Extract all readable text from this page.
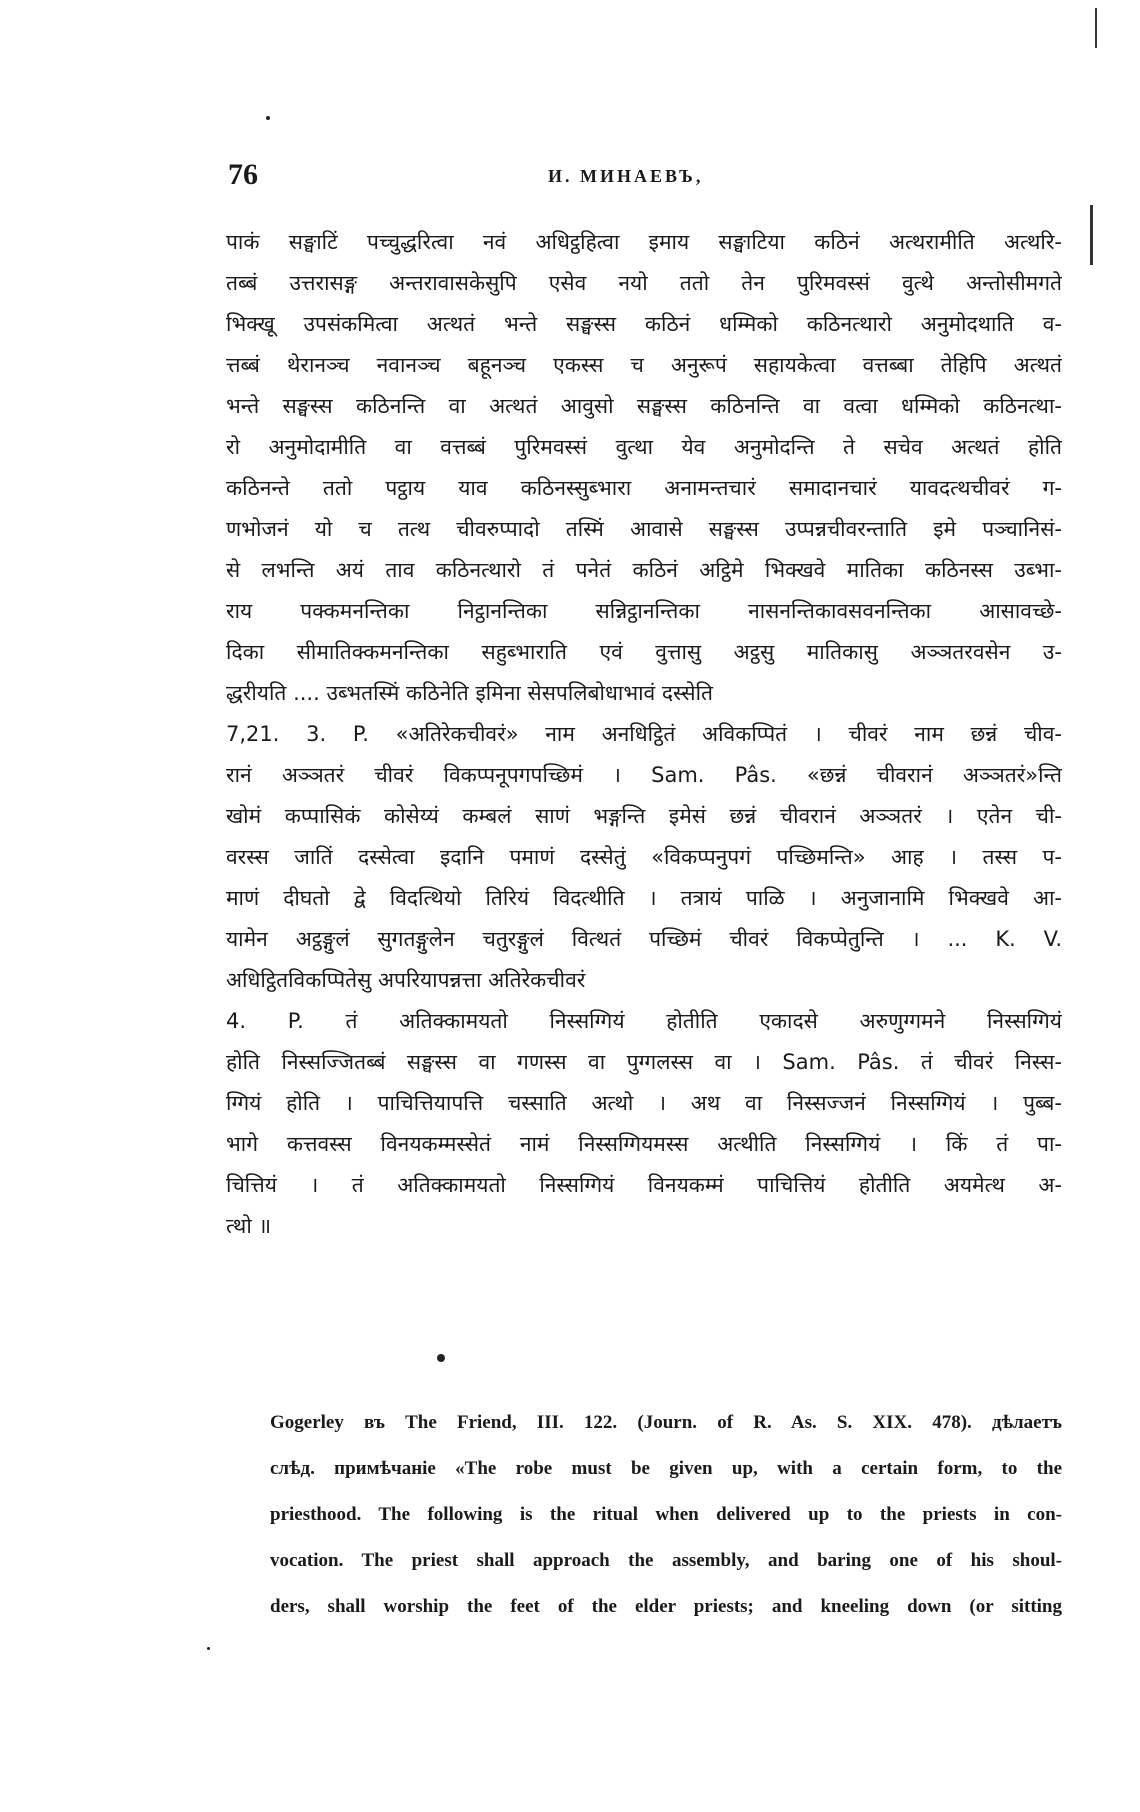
76	И. МИНАЕВЪ,
पाकं सङ्घाटिं पच्चुद्धरित्वा नवं अधिट्ठहित्वा इमाय सङ्घाटिया कठिनं अत्थरामीति अत्थरि-
तब्बं उत्तरासङ्ग अन्तरावासकेसुपि एसेव नयो ततो तेन पुरिमवस्सं वुत्थे अन्तोसीमगते
भिक्खू उपसंकमित्वा अत्थतं भन्ते सङ्घस्स कठिनं धम्मिको कठिनत्थारो अनुमोदथाति व-
त्तब्बं थेरानञ्च नवानञ्च बहूनञ्च एकस्स च अनुरूपं सहायकेत्वा वत्तब्बा तेहिपि अत्थतं
भन्ते सङ्घस्स कठिनन्ति वा अत्थतं आवुसो सङ्घस्स कठिनन्ति वा वत्वा धम्मिको कठिनत्था-
रो अनुमोदामीति वा वत्तब्बं पुरिमवस्सं वुत्था येव अनुमोदन्ति ते सचेव अत्थतं होति
कठिनन्ते ततो पट्ठाय याव कठिनस्सुब्भारा अनामन्तचारं समादानचारं यावदत्थचीवरं ग-
णभोजनं यो च तत्थ चीवरुप्पादो तस्मिं आवासे सङ्घस्स उप्पन्नचीवरन्ताति इमे पञ्चानिसं-
से लभन्ति अयं ताव कठिनत्थारो तं पनेतं कठिनं अट्ठिमे भिक्खवे मातिका कठिनस्स उब्भा-
राय पक्कमनन्तिका निट्ठानन्तिका सन्निट्ठानन्तिका नासनन्तिकावसवनन्तिका आसावच्छे-
दिका सीमातिक्कमनन्तिका सहुब्भाराति एवं वुत्तासु अट्ठसु मातिकासु अञ्ञतरवसेन उ-
द्धरीयति .... उब्भतस्मिं कठिनेति इमिना सेसपलिबोधाभावं दस्सेति
7,21. 3. P. «अतिरेकचीवरं» नाम अनधिट्ठितं अविकप्पितं । चीवरं नाम छन्नं चीव-
रानं अञ्ञतरं चीवरं विकप्पनूपगपच्छिमं । Sam. Pâs. «छन्नं चीवरानं अञ्ञतरं»न्ति
खोमं कप्पासिकं कोसेय्यं कम्बलं साणं भङ्गन्ति इमेसं छन्नं चीवरानं अञ्ञतरं । एतेन ची-
वरस्स जातिं दस्सेत्वा इदानि पमाणं दस्सेतुं «विकप्पनुपगं पच्छिमन्ति» आह । तस्स प-
माणं दीघतो द्वे विदत्थियो तिरियं विदत्थीति । तत्रायं पाळि । अनुजानामि भिक्खवे आ-
यामेन अट्ठङ्गुलं सुगतङ्गुलेन चतुरङ्गुलं वित्थतं पच्छिमं चीवरं विकप्पेतुन्ति । ... K. V.
अधिट्ठितविकप्पितेसु अपरियापन्नत्ता अतिरेकचीवरं
4. P. तं अतिक्कामयतो निस्सग्गियं होतीति एकादसे अरुणुग्गमने निस्सग्गियं
होति निस्सज्जितब्बं सङ्घस्स वा गणस्स वा पुग्गलस्स वा । Sam. Pâs. तं चीवरं निस्स-
ग्गियं होति । पाचित्तियापत्ति चस्साति अत्थो । अथ वा निस्सज्जनं निस्सग्गियं । पुब्ब-
भागे कत्तवस्स विनयकम्मस्सेतं नामं निस्सग्गियमस्स अत्थीति निस्सग्गियं । किं तं पा-
चित्तियं । तं अतिक्कामयतो निस्सग्गियं विनयकम्मं पाचित्तियं होतीति अयमेत्थ अ-
त्थो ॥
Gogerley въ The Friend, III. 122. (Journ. of R. As. S. XIX. 478). дѣлаетъ
слѣд. примѣчаніе «The robe must be given up, with a certain form, to the
priesthood. The following is the ritual when delivered up to the priests in con-
vocation. The priest shall approach the assembly, and baring one of his shoul-
ders, shall worship the feet of the elder priests; and kneeling down (or sitting
